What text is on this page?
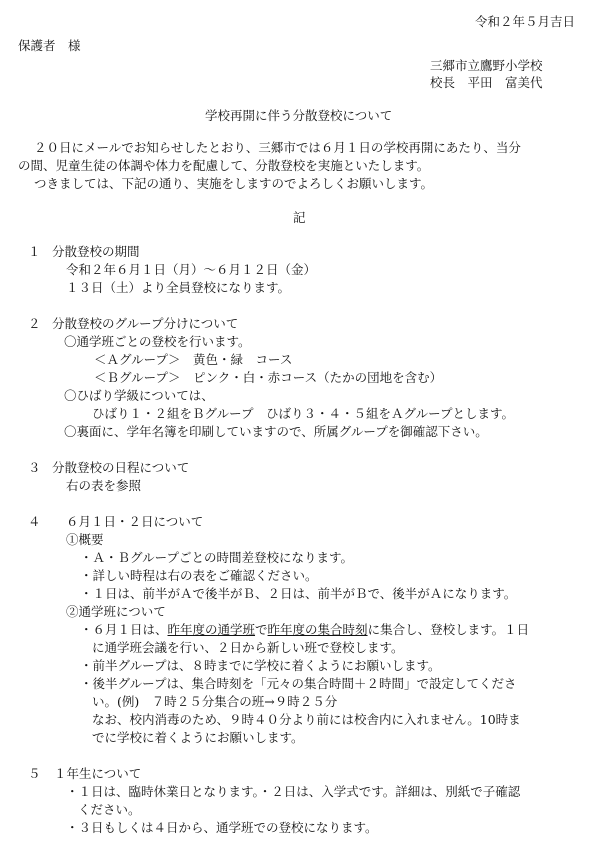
令和２年５月吉日
保護者　様
三郷市立鷹野小学校
校長　平田　富美代
学校再開に伴う分散登校について
２０日にメールでお知らせしたとおり、三郷市では６月１日の学校再開にあたり、当分
の間、児童生徒の体調や体力を配慮して、分散登校を実施といたします。
つきましては、下記の通り、実施をしますのでよろしくお願いします。
記
１ 分散登校の期間
令和２年６月１日（月）～６月１２日（金）
１３日（土）より全員登校になります。
２ 分散登校のグループ分けについて
〇通学班ごとの登校を行います。
＜Ａグループ＞　黄色・緑　コース
＜Ｂグループ＞　ピンク・白・赤コース（たかの団地を含む）
〇ひばり学級については、
ひばり１・２組をＢグループ　ひばり３・４・５組をＡグループとします。
〇裏面に、学年名簿を印刷していますので、所属グループを御確認下さい。
３ 分散登校の日程について
右の表を参照
４ ６月１日・２日について
①概要
・Ａ・Ｂグループごとの時間差登校になります。
・詳しい時程は右の表をご確認ください。
・１日は、前半がＡで後半がＢ、２日は、前半がＢで、後半がＡになります。
②通学班について
・６月１日は、昨年度の通学班で昨年度の集合時刻に集合し、登校します。１日
に通学班会議を行い、２日から新しい班で登校します。
・前半グループは、８時までに学校に着くようにお願いします。
・後半グループは、集合時刻を「元々の集合時間＋２時間」で設定してくださ
い。(例)　７時２５分集合の班→９時２５分
なお、校内消毒のため、９時４０分より前には校舎内に入れません。10時ま
でに学校に着くようにお願いします。
５ １年生について
・１日は、臨時休業日となります。・２日は、入学式です。詳細は、別紙で子確認
ください。
・３日もしくは４日から、通学班での登校になります。
